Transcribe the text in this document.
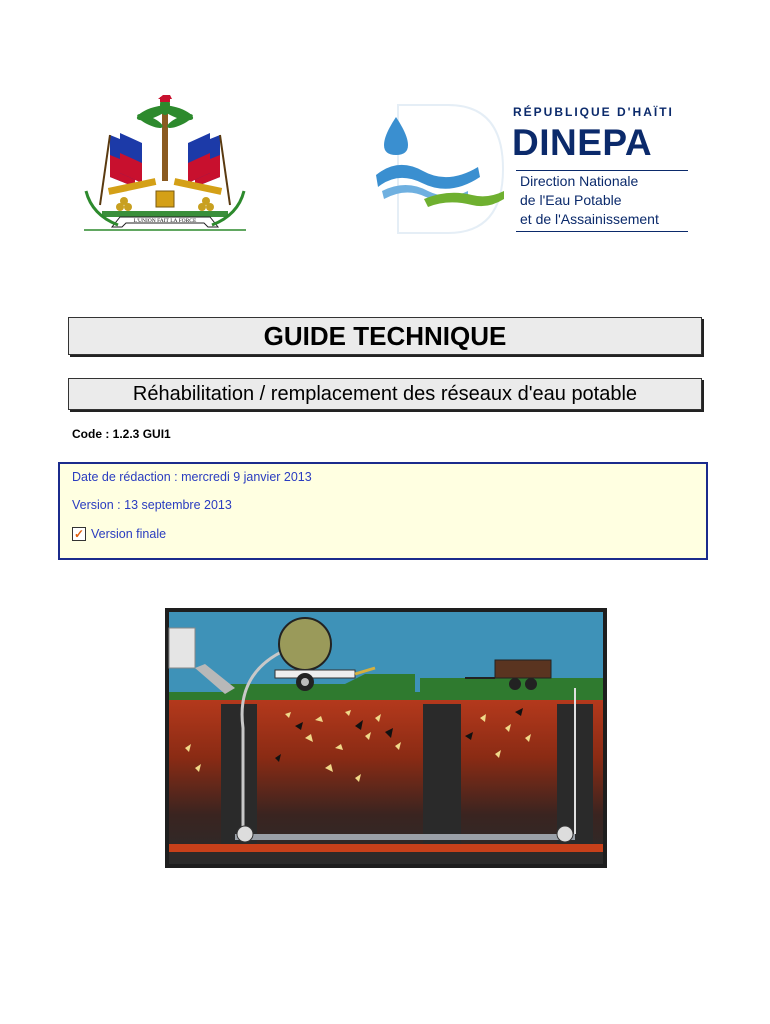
L'UNION FAIT LA FORCE
RÉPUBLIQUE D'HAÏTI
DINEPA
Direction Nationale
de l'Eau Potable
et de l'Assainissement
GUIDE TECHNIQUE
Réhabilitation / remplacement des réseaux d'eau potable
Code : 1.2.3 GUI1
Date de rédaction : mercredi 9 janvier 2013
Version : 13 septembre 2013
✓ Version finale
